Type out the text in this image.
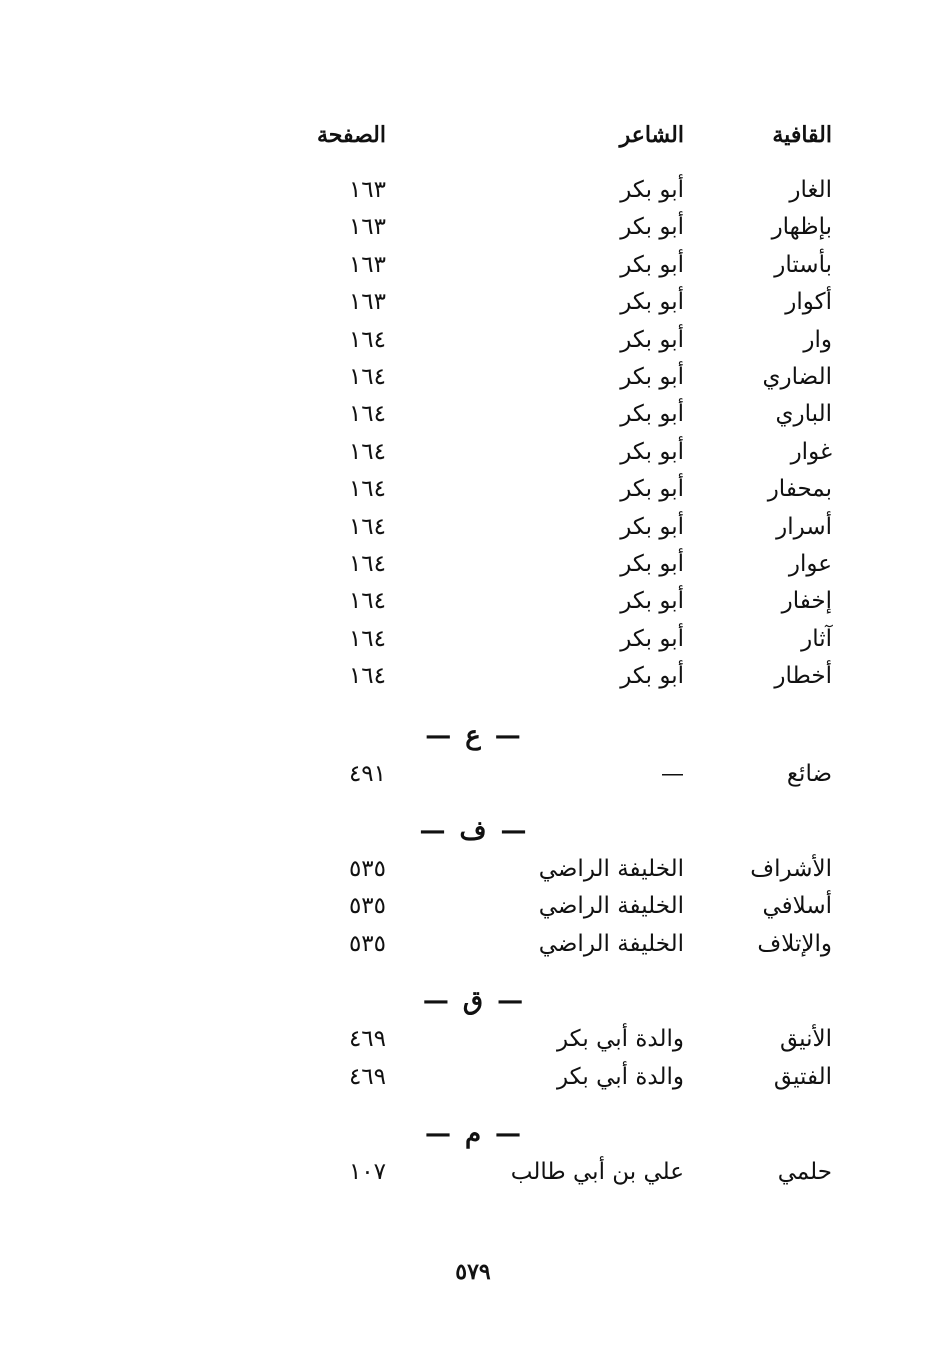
القافية
الشاعر
الصفحة
الغار
أبو بكر
١٦٣
بإظهار
أبو بكر
١٦٣
بأستار
أبو بكر
١٦٣
أكوار
أبو بكر
١٦٣
وار
أبو بكر
١٦٤
الضاري
أبو بكر
١٦٤
الباري
أبو بكر
١٦٤
غوار
أبو بكر
١٦٤
بمحفار
أبو بكر
١٦٤
أسرار
أبو بكر
١٦٤
عوار
أبو بكر
١٦٤
إخفار
أبو بكر
١٦٤
آثار
أبو بكر
١٦٤
أخطار
أبو بكر
١٦٤
—ع—
ضائع
—
٤٩١
—ف—
الأشراف
الخليفة الراضي
٥٣٥
أسلافي
الخليفة الراضي
٥٣٥
والإتلاف
الخليفة الراضي
٥٣٥
—ق—
الأنيق
والدة أبي بكر
٤٦٩
الفتيق
والدة أبي بكر
٤٦٩
—م—
حلمي
علي بن أبي طالب
١٠٧
٥٧٩
